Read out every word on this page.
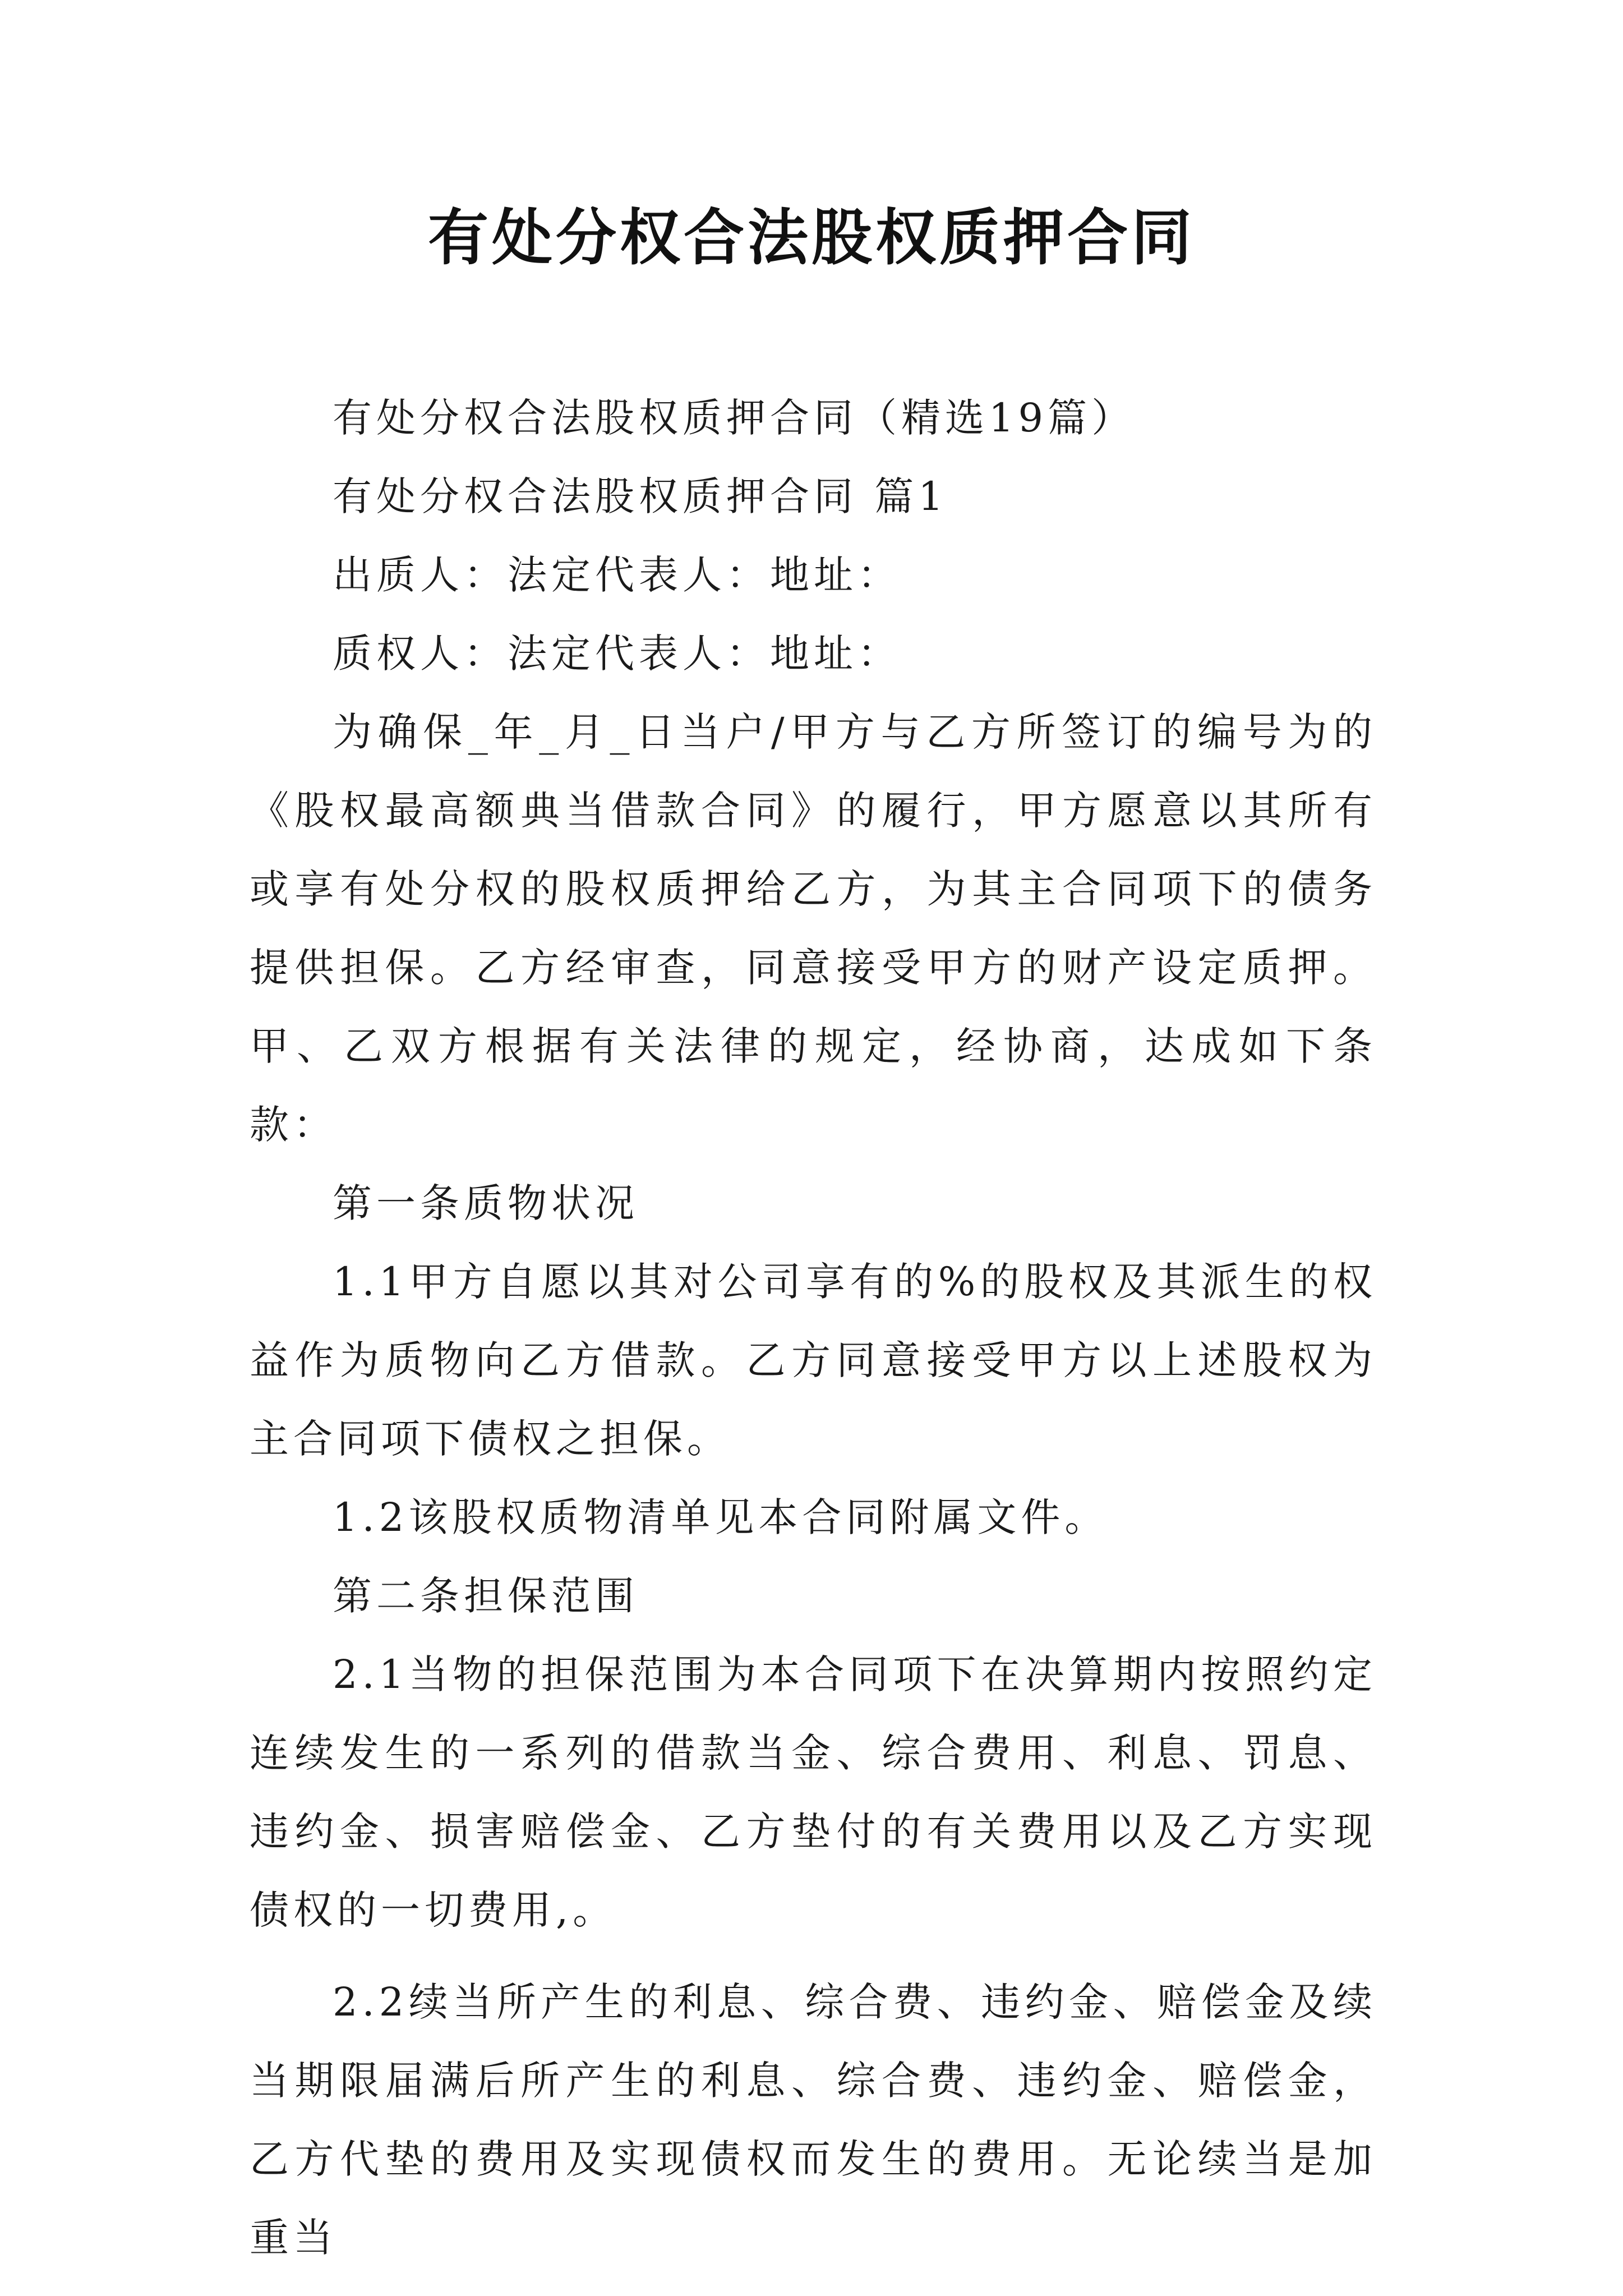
有处分权合法股权质押合同

有处分权合法股权质押合同（精选19篇）

有处分权合法股权质押合同 篇1

出质人：法定代表人：地址：

质权人：法定代表人：地址：

为确保_年_月_日当户/甲方与乙方所签订的编号为的《股权最高额典当借款合同》的履行，甲方愿意以其所有或享有处分权的股权质押给乙方，为其主合同项下的债务提供担保。乙方经审查，同意接受甲方的财产设定质押。甲、乙双方根据有关法律的规定，经协商，达成如下条款：

第一条质物状况

1.1甲方自愿以其对公司享有的%的股权及其派生的权益作为质物向乙方借款。乙方同意接受甲方以上述股权为主合同项下债权之担保。

1.2该股权质物清单见本合同附属文件。

第二条担保范围

2.1当物的担保范围为本合同项下在决算期内按照约定连续发生的一系列的借款当金、综合费用、利息、罚息、违约金、损害赔偿金、乙方垫付的有关费用以及乙方实现债权的一切费用,。

2.2续当所产生的利息、综合费、违约金、赔偿金及续当期限届满后所产生的利息、综合费、违约金、赔偿金，乙方代垫的费用及实现债权而发生的费用。无论续当是加重当
